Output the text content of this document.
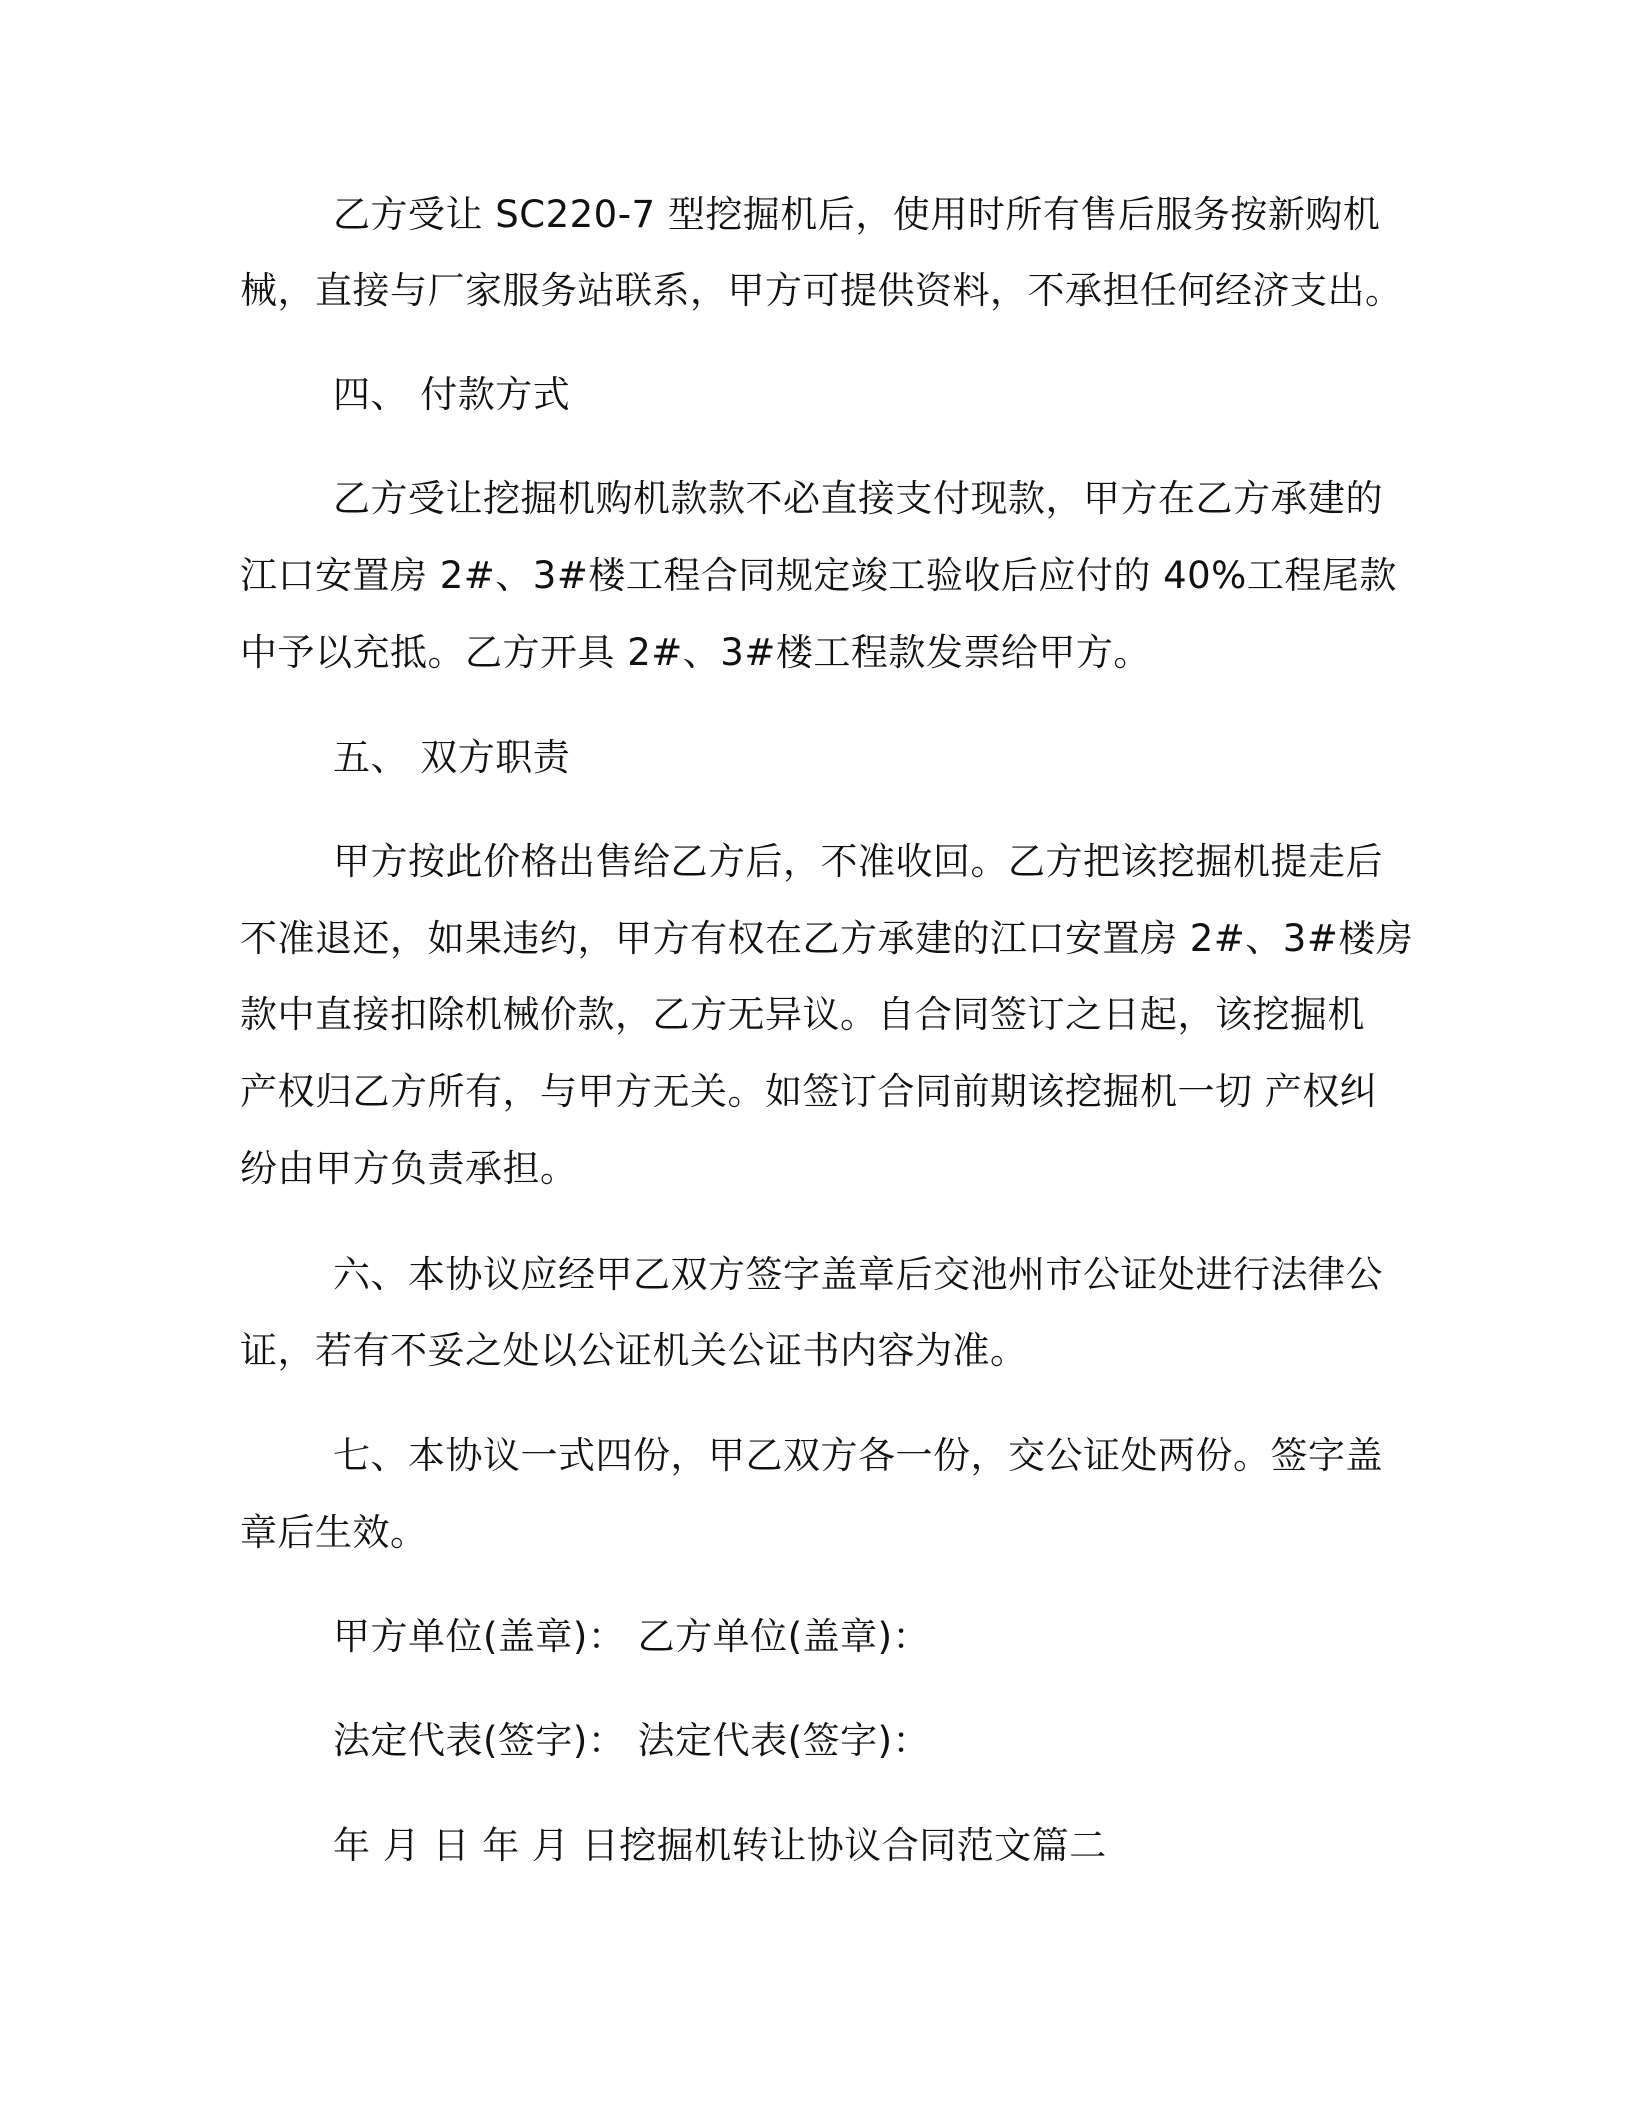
乙方受让 SC220-7 型挖掘机后，使用时所有售后服务按新购机
械，直接与厂家服务站联系，甲方可提供资料，不承担任何经济支出。
四、 付款方式
乙方受让挖掘机购机款款不必直接支付现款，甲方在乙方承建的
江口安置房 2#、3#楼工程合同规定竣工验收后应付的 40%工程尾款
中予以充抵。乙方开具 2#、3#楼工程款发票给甲方。
五、 双方职责
甲方按此价格出售给乙方后，不准收回。乙方把该挖掘机提走后
不准退还，如果违约，甲方有权在乙方承建的江口安置房 2#、3#楼房
款中直接扣除机械价款，乙方无异议。自合同签订之日起，该挖掘机
产权归乙方所有，与甲方无关。如签订合同前期该挖掘机一切 产权纠
纷由甲方负责承担。
六、本协议应经甲乙双方签字盖章后交池州市公证处进行法律公
证，若有不妥之处以公证机关公证书内容为准。
七、本协议一式四份，甲乙双方各一份，交公证处两份。签字盖
章后生效。
甲方单位(盖章)： 乙方单位(盖章)：
法定代表(签字)： 法定代表(签字)：
年 月 日 年 月 日挖掘机转让协议合同范文篇二
